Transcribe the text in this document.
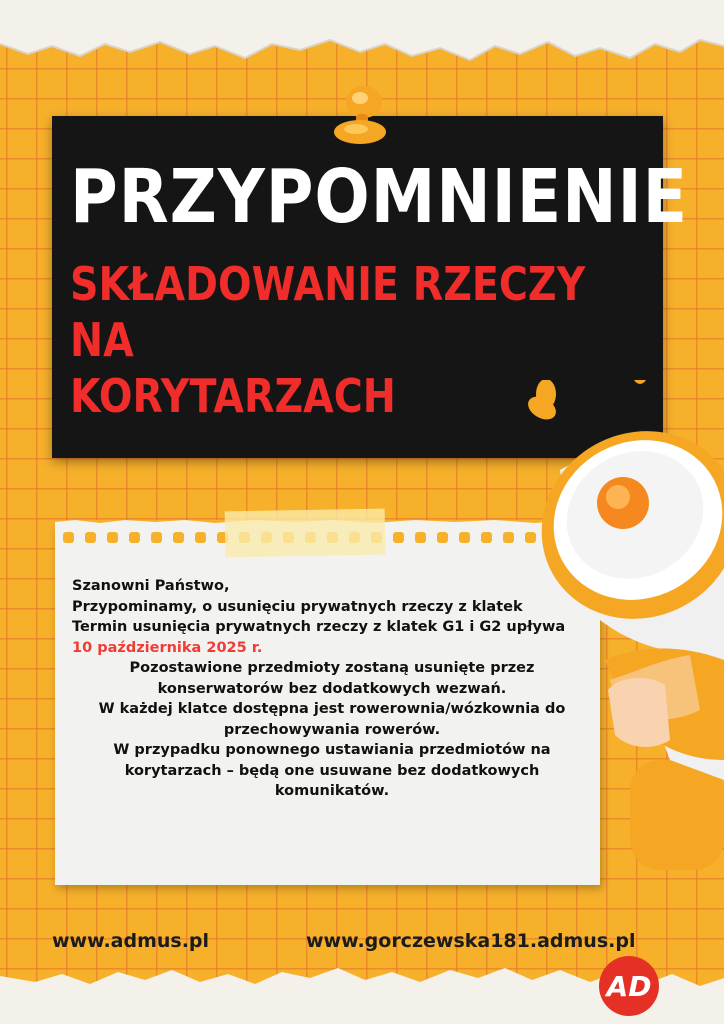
PRZYPOMNIENIE
SKŁADOWANIE RZECZY NA
KORYTARZACH

Szanowni Państwo,

Przypominamy, o usunięciu prywatnych rzeczy z klatek

Termin usunięcia prywatnych rzeczy z klatek G1 i G2 upływa

10 października 2025 r.

Pozostawione przedmioty zostaną usunięte przez konserwatorów bez dodatkowych wezwań.

W każdej klatce dostępna jest rowerownia/wózkownia do przechowywania rowerów.

W przypadku ponownego ustawiania przedmiotów na korytarzach – będą one usuwane bez dodatkowych komunikatów.

www.admus.pl	www.gorczewska181.admus.pl
AD
